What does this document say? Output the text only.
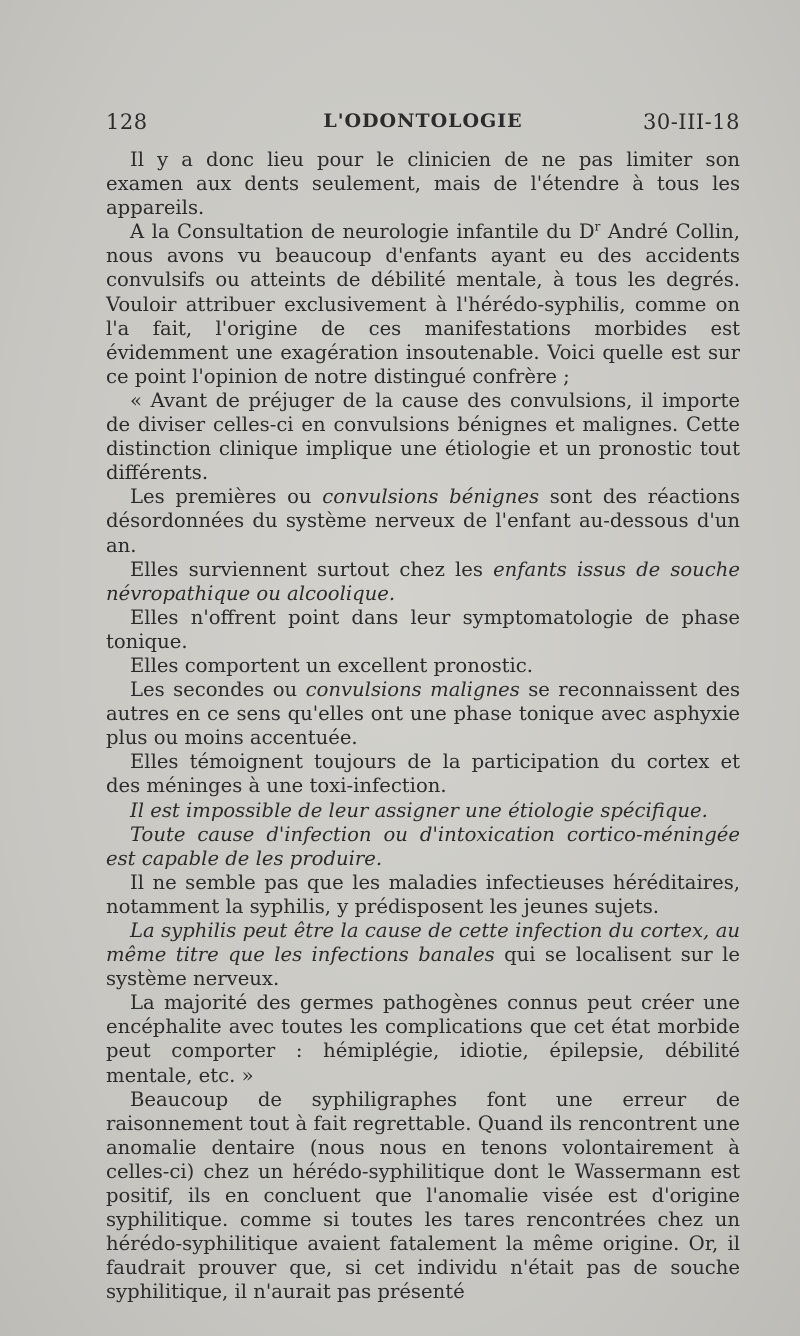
128	L'ODONTOLOGIE	30-III-18

Il y a donc lieu pour le clinicien de ne pas limiter son examen aux dents seulement, mais de l'étendre à tous les appareils.

A la Consultation de neurologie infantile du $D^r$ André Collin, nous avons vu beaucoup d'enfants ayant eu des accidents convulsifs ou atteints de débilité mentale, à tous les degrés. Vouloir attribuer exclusivement à l'hérédo-syphilis, comme on l'a fait, l'origine de ces manifestations morbides est évidemment une exagération insoutenable. Voici quelle est sur ce point l'opinion de notre distingué confrère ;

« Avant de préjuger de la cause des convulsions, il importe de diviser celles-ci en convulsions bénignes et malignes. Cette distinction clinique implique une étiologie et un pronostic tout différents.

Les premières ou convulsions bénignes sont des réactions désordonnées du système nerveux de l'enfant au-dessous d'un an.

Elles surviennent surtout chez les enfants issus de souche névropathique ou alcoolique.

Elles n'offrent point dans leur symptomatologie de phase tonique.

Elles comportent un excellent pronostic.

Les secondes ou convulsions malignes se reconnaissent des autres en ce sens qu'elles ont une phase tonique avec asphyxie plus ou moins accentuée.

Elles témoignent toujours de la participation du cortex et des méninges à une toxi-infection.

Il est impossible de leur assigner une étiologie spécifique.

Toute cause d'infection ou d'intoxication cortico-méningée est capable de les produire.

Il ne semble pas que les maladies infectieuses héréditaires, notamment la syphilis, y prédisposent les jeunes sujets.

La syphilis peut être la cause de cette infection du cortex, au même titre que les infections banales qui se localisent sur le système nerveux.

La majorité des germes pathogènes connus peut créer une encéphalite avec toutes les complications que cet état morbide peut comporter : hémiplégie, idiotie, épilepsie, débilité mentale, etc. »

Beaucoup de syphiligraphes font une erreur de raisonnement tout à fait regrettable. Quand ils rencontrent une anomalie dentaire (nous nous en tenons volontairement à celles-ci) chez un hérédo-syphilitique dont le Wassermann est positif, ils en concluent que l'anomalie visée est d'origine syphilitique. comme si toutes les tares rencontrées chez un hérédo-syphilitique avaient fatalement la même origine. Or, il faudrait prouver que, si cet individu n'était pas de souche syphilitique, il n'aurait pas présenté
